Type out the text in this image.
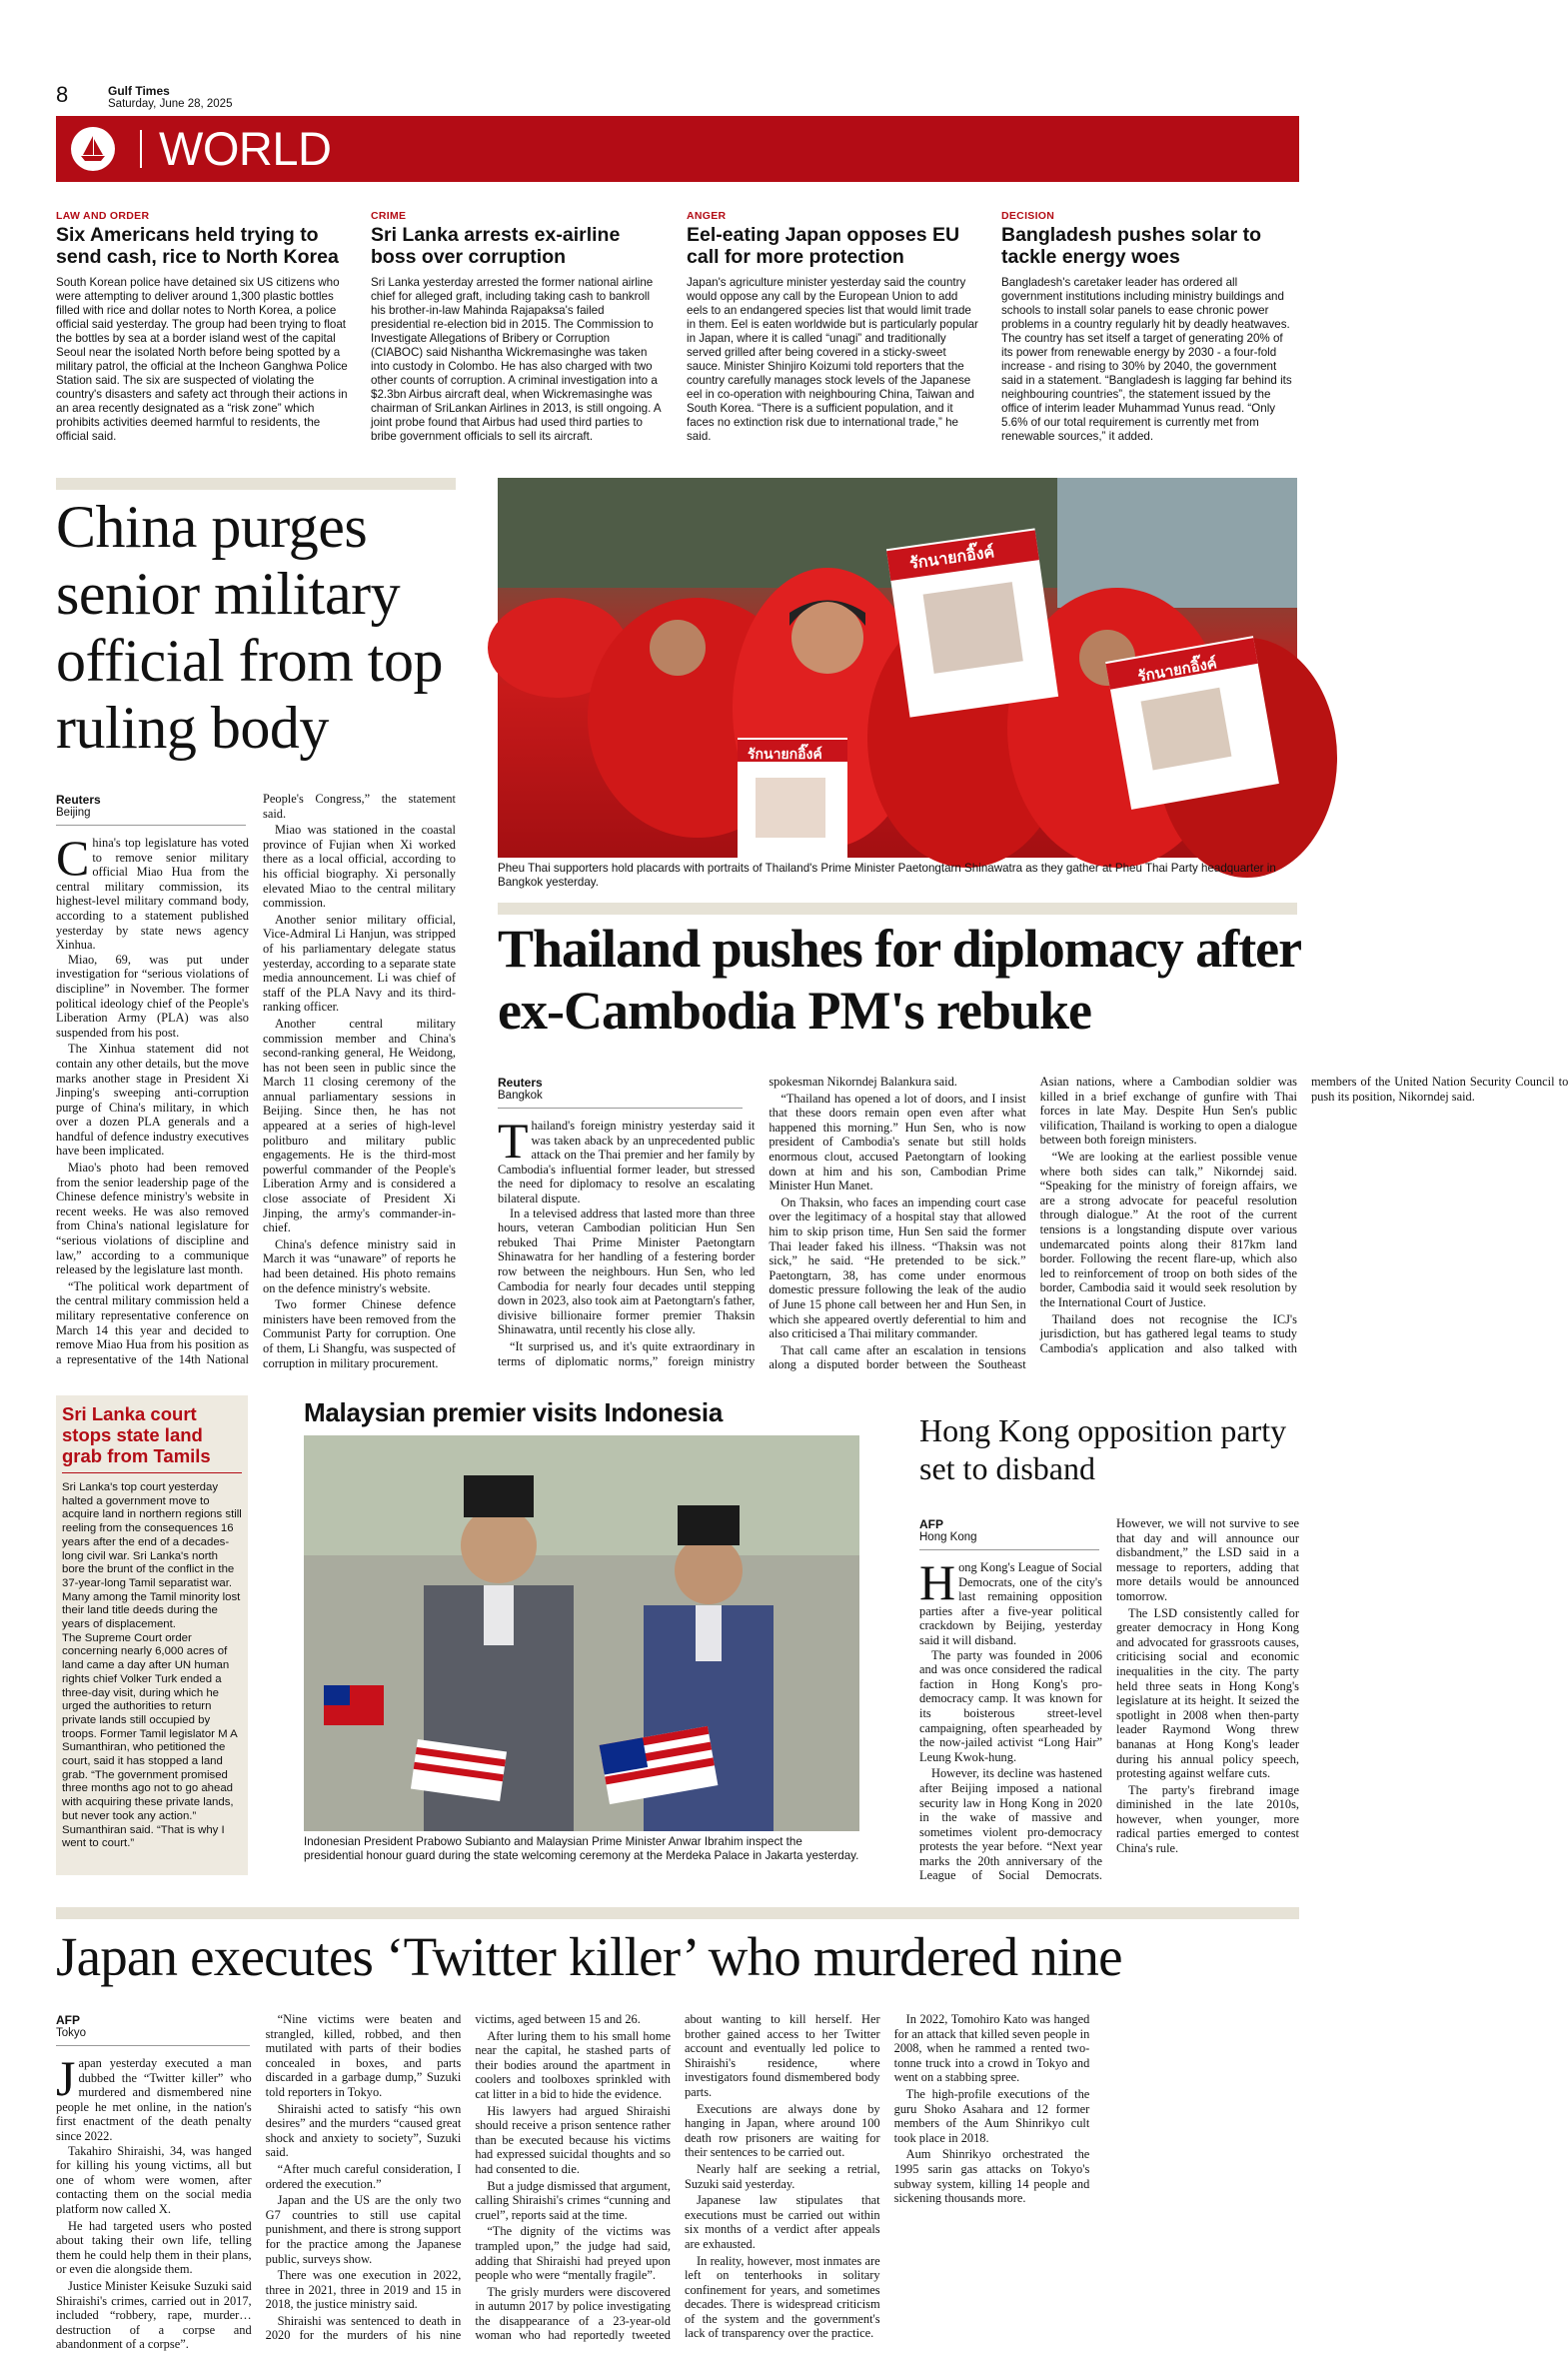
8	Gulf Times
Saturday, June 28, 2025
WORLD
LAW AND ORDER
Six Americans held trying to send cash, rice to North Korea
South Korean police have detained six US citizens who were attempting to deliver around 1,300 plastic bottles filled with rice and dollar notes to North Korea, a police official said yesterday. The group had been trying to float the bottles by sea at a border island west of the capital Seoul near the isolated North before being spotted by a military patrol, the official at the Incheon Ganghwa Police Station said. The six are suspected of violating the country's disasters and safety act through their actions in an area recently designated as a “risk zone” which prohibits activities deemed harmful to residents, the official said.
CRIME
Sri Lanka arrests ex-airline boss over corruption
Sri Lanka yesterday arrested the former national airline chief for alleged graft, including taking cash to bankroll his brother-in-law Mahinda Rajapaksa's failed presidential re-election bid in 2015. The Commission to Investigate Allegations of Bribery or Corruption (CIABOC) said Nishantha Wickremasinghe was taken into custody in Colombo. He has also charged with two other counts of corruption. A criminal investigation into a $2.3bn Airbus aircraft deal, when Wickremasinghe was chairman of SriLankan Airlines in 2013, is still ongoing. A joint probe found that Airbus had used third parties to bribe government officials to sell its aircraft.
ANGER
Eel-eating Japan opposes EU call for more protection
Japan's agriculture minister yesterday said the country would oppose any call by the European Union to add eels to an endangered species list that would limit trade in them. Eel is eaten worldwide but is particularly popular in Japan, where it is called “unagi” and traditionally served grilled after being covered in a sticky-sweet sauce. Minister Shinjiro Koizumi told reporters that the country carefully manages stock levels of the Japanese eel in co-operation with neighbouring China, Taiwan and South Korea. “There is a sufficient population, and it faces no extinction risk due to international trade,” he said.
DECISION
Bangladesh pushes solar to tackle energy woes
Bangladesh's caretaker leader has ordered all government institutions including ministry buildings and schools to install solar panels to ease chronic power problems in a country regularly hit by deadly heatwaves. The country has set itself a target of generating 20% of its power from renewable energy by 2030 - a four-fold increase - and rising to 30% by 2040, the government said in a statement. “Bangladesh is lagging far behind its neighbouring countries”, the statement issued by the office of interim leader Muhammad Yunus read. “Only 5.6% of our total requirement is currently met from renewable sources,” it added.
China purges senior military official from top ruling body
Reuters
Beijing

China's top legislature has voted to remove senior military official Miao Hua from the central military commission, its highest-level military command body, according to a statement published yesterday by state news agency Xinhua.

Miao, 69, was put under investigation for “serious violations of discipline” in November. The former political ideology chief of the People's Liberation Army (PLA) was also suspended from his post.

The Xinhua statement did not contain any other details, but the move marks another stage in President Xi Jinping's sweeping anti-corruption purge of China's military, in which over a dozen PLA generals and a handful of defence industry executives have been implicated.

Miao's photo had been removed from the senior leadership page of the Chinese defence ministry's website in recent weeks. He was also removed from China's national legislature for “serious violations of discipline and law,” according to a communique released by the legislature last month.

“The political work department of the central military commission held a military representative conference on March 14 this year and decided to remove Miao Hua from his position as a representative of the 14th National People's Congress,” the statement said.

Miao was stationed in the coastal province of Fujian when Xi worked there as a local official, according to his official biography. Xi personally elevated Miao to the central military commission.

Another senior military official, Vice-Admiral Li Hanjun, was stripped of his parliamentary delegate status yesterday, according to a separate state media announcement. Li was chief of staff of the PLA Navy and its third-ranking officer.

Another central military commission member and China's second-ranking general, He Weidong, has not been seen in public since the March 11 closing ceremony of the annual parliamentary sessions in Beijing. Since then, he has not appeared at a series of high-level politburo and military public engagements. He is the third-most powerful commander of the People's Liberation Army and is considered a close associate of President Xi Jinping, the army's commander-in-chief.

China's defence ministry said in March it was “unaware” of reports he had been detained. His photo remains on the defence ministry's website.

Two former Chinese defence ministers have been removed from the Communist Party for corruption. One of them, Li Shangfu, was suspected of corruption in military procurement.

รักนายกอิ๊งค์
รักนายกอิ๊งค์
รักนายกอิ๊งค์
Pheu Thai supporters hold placards with portraits of Thailand's Prime Minister Paetongtarn Shinawatra as they gather at Pheu Thai Party headquarter in Bangkok yesterday.
Thailand pushes for diplomacy after ex-Cambodia PM's rebuke
Reuters
Bangkok

Thailand's foreign ministry yesterday said it was taken aback by an unprecedented public attack on the Thai premier and her family by Cambodia's influential former leader, but stressed the need for diplomacy to resolve an escalating bilateral dispute.

In a televised address that lasted more than three hours, veteran Cambodian politician Hun Sen rebuked Thai Prime Minister Paetongtarn Shinawatra for her handling of a festering border row between the neighbours. Hun Sen, who led Cambodia for nearly four decades until stepping down in 2023, also took aim at Paetongtarn's father, divisive billionaire former premier Thaksin Shinawatra, until recently his close ally.

“It surprised us, and it's quite extraordinary in terms of diplomatic norms,” foreign ministry spokesman Nikorndej Balankura said.

“Thailand has opened a lot of doors, and I insist that these doors remain open even after what happened this morning.” Hun Sen, who is now president of Cambodia's senate but still holds enormous clout, accused Paetongtarn of looking down at him and his son, Cambodian Prime Minister Hun Manet.

On Thaksin, who faces an impending court case over the legitimacy of a hospital stay that allowed him to skip prison time, Hun Sen said the former Thai leader faked his illness. “Thaksin was not sick,” he said. “He pretended to be sick.” Paetongtarn, 38, has come under enormous domestic pressure following the leak of the audio of June 15 phone call between her and Hun Sen, in which she appeared overtly deferential to him and also criticised a Thai military commander.

That call came after an escalation in tensions along a disputed border between the Southeast Asian nations, where a Cambodian soldier was killed in a brief exchange of gunfire with Thai forces in late May. Despite Hun Sen's public vilification, Thailand is working to open a dialogue between both foreign ministers.

“We are looking at the earliest possible venue where both sides can talk,” Nikorndej said. “Speaking for the ministry of foreign affairs, we are a strong advocate for peaceful resolution through dialogue.” At the root of the current tensions is a longstanding dispute over various undemarcated points along their 817km land border. Following the recent flare-up, which also led to reinforcement of troop on both sides of the border, Cambodia said it would seek resolution by the International Court of Justice.

Thailand does not recognise the ICJ's jurisdiction, but has gathered legal teams to study Cambodia's application and also talked with members of the United Nation Security Council to push its position, Nikorndej said.

Sri Lanka court stops state land grab from Tamils
Sri Lanka's top court yesterday halted a government move to acquire land in northern regions still reeling from the consequences 16 years after the end of a decades-long civil war. Sri Lanka's north bore the brunt of the conflict in the 37-year-long Tamil separatist war. Many among the Tamil minority lost their land title deeds during the years of displacement.
The Supreme Court order concerning nearly 6,000 acres of land came a day after UN human rights chief Volker Turk ended a three-day visit, during which he urged the authorities to return private lands still occupied by troops. Former Tamil legislator M A Sumanthiran, who petitioned the court, said it has stopped a land grab. “The government promised three months ago not to go ahead with acquiring these private lands, but never took any action.” Sumanthiran said. “That is why I went to court.”
Malaysian premier visits Indonesia
Indonesian President Prabowo Subianto and Malaysian Prime Minister Anwar Ibrahim inspect the presidential honour guard during the state welcoming ceremony at the Merdeka Palace in Jakarta yesterday.
Hong Kong opposition party set to disband
AFP
Hong Kong

Hong Kong's League of Social Democrats, one of the city's last remaining opposition parties after a five-year political crackdown by Beijing, yesterday said it will disband.

The party was founded in 2006 and was once considered the radical faction in Hong Kong's pro-democracy camp. It was known for its boisterous street-level campaigning, often spearheaded by the now-jailed activist “Long Hair” Leung Kwok-hung.

However, its decline was hastened after Beijing imposed a national security law in Hong Kong in 2020 in the wake of massive and sometimes violent pro-democracy protests the year before. “Next year marks the 20th anniversary of the League of Social Democrats. However, we will not survive to see that day and will announce our disbandment,” the LSD said in a message to reporters, adding that more details would be announced tomorrow.

The LSD consistently called for greater democracy in Hong Kong and advocated for grassroots causes, criticising social and economic inequalities in the city. The party held three seats in Hong Kong's legislature at its height. It seized the spotlight in 2008 when then-party leader Raymond Wong threw bananas at Hong Kong's leader during his annual policy speech, protesting against welfare cuts.

The party's firebrand image diminished in the late 2010s, however, when younger, more radical parties emerged to contest China's rule.

Japan executes ‘Twitter killer’ who murdered nine
AFP
Tokyo

Japan yesterday executed a man dubbed the “Twitter killer” who murdered and dismembered nine people he met online, in the nation's first enactment of the death penalty since 2022.

Takahiro Shiraishi, 34, was hanged for killing his young victims, all but one of whom were women, after contacting them on the social media platform now called X.

He had targeted users who posted about taking their own life, telling them he could help them in their plans, or even die alongside them.

Justice Minister Keisuke Suzuki said Shiraishi's crimes, carried out in 2017, included “robbery, rape, murder… destruction of a corpse and abandonment of a corpse”.

“Nine victims were beaten and strangled, killed, robbed, and then mutilated with parts of their bodies concealed in boxes, and parts discarded in a garbage dump,” Suzuki told reporters in Tokyo.

Shiraishi acted to satisfy “his own desires” and the murders “caused great shock and anxiety to society”, Suzuki said.

“After much careful consideration, I ordered the execution.”

Japan and the US are the only two G7 countries to still use capital punishment, and there is strong support for the practice among the Japanese public, surveys show.

There was one execution in 2022, three in 2021, three in 2019 and 15 in 2018, the justice ministry said.

Shiraishi was sentenced to death in 2020 for the murders of his nine victims, aged between 15 and 26.

After luring them to his small home near the capital, he stashed parts of their bodies around the apartment in coolers and toolboxes sprinkled with cat litter in a bid to hide the evidence.

His lawyers had argued Shiraishi should receive a prison sentence rather than be executed because his victims had expressed suicidal thoughts and so had consented to die.

But a judge dismissed that argument, calling Shiraishi's crimes “cunning and cruel”, reports said at the time.

“The dignity of the victims was trampled upon,” the judge had said, adding that Shiraishi had preyed upon people who were “mentally fragile”.

The grisly murders were discovered in autumn 2017 by police investigating the disappearance of a 23-year-old woman who had reportedly tweeted about wanting to kill herself. Her brother gained access to her Twitter account and eventually led police to Shiraishi's residence, where investigators found dismembered body parts.

Executions are always done by hanging in Japan, where around 100 death row prisoners are waiting for their sentences to be carried out.

Nearly half are seeking a retrial, Suzuki said yesterday.

Japanese law stipulates that executions must be carried out within six months of a verdict after appeals are exhausted.

In reality, however, most inmates are left on tenterhooks in solitary confinement for years, and sometimes decades. There is widespread criticism of the system and the government's lack of transparency over the practice.

In 2022, Tomohiro Kato was hanged for an attack that killed seven people in 2008, when he rammed a rented two-tonne truck into a crowd in Tokyo and went on a stabbing spree.

The high-profile executions of the guru Shoko Asahara and 12 former members of the Aum Shinrikyo cult took place in 2018.

Aum Shinrikyo orchestrated the 1995 sarin gas attacks on Tokyo's subway system, killing 14 people and sickening thousands more.
